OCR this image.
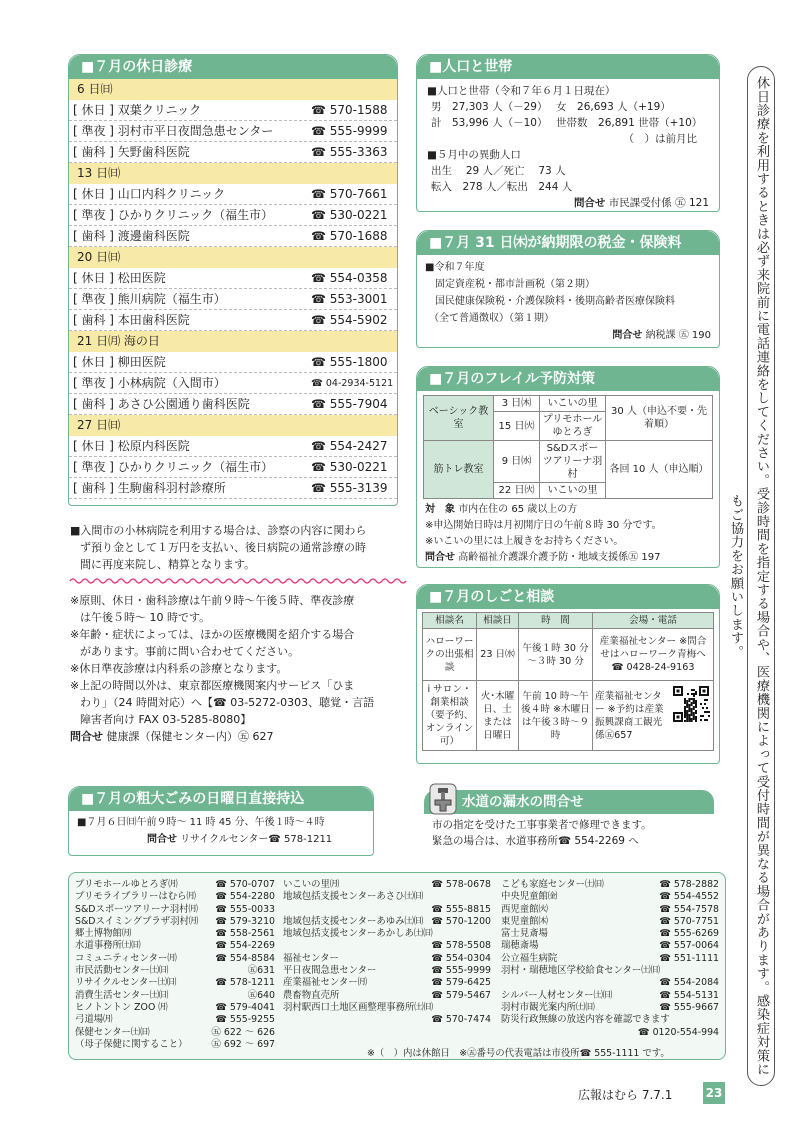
■７月の休日診療
6 日㈰
[ 休日 ] 双葉クリニック	☎ 570-1588
[ 準夜 ] 羽村市平日夜間急患センター	☎ 555-9999
[ 歯科 ] 矢野歯科医院	☎ 555-3363
13 日㈰
[ 休日 ] 山口内科クリニック	☎ 570-7661
[ 準夜 ] ひかりクリニック（福生市）	☎ 530-0221
[ 歯科 ] 渡邊歯科医院	☎ 570-1688
20 日㈰
[ 休日 ] 松田医院	☎ 554-0358
[ 準夜 ] 熊川病院（福生市）	☎ 553-3001
[ 歯科 ] 本田歯科医院	☎ 554-5902
21 日㈪ 海の日
[ 休日 ] 柳田医院	☎ 555-1800
[ 準夜 ] 小林病院（入間市）	☎ 04-2934-5121
[ 歯科 ] あさひ公園通り歯科医院	☎ 555-7904
27 日㈰
[ 休日 ] 松原内科医院	☎ 554-2427
[ 準夜 ] ひかりクリニック（福生市）	☎ 530-0221
[ 歯科 ] 生駒歯科羽村診療所	☎ 555-3139
■入間市の小林病院を利用する場合は、診察の内容に関わら
ず預り金として１万円を支払い、後日病院の通常診療の時
間に再度来院し、精算となります。
※原則、休日・歯科診療は午前９時～午後５時、準夜診療
は午後５時～ 10 時です。
※年齢・症状によっては、ほかの医療機関を紹介する場合
があります。事前に問い合わせてください。
※休日準夜診療は内科系の診療となります。
※上記の時間以外は、東京都医療機関案内サービス「ひま
わり」（24 時間対応）へ【☎ 03-5272-0303、聴覚・言語
障害者向け FAX 03-5285-8080】
問合せ 健康課（保健センター内）㊄ 627
■人口と世帯
■人口と世帯（令和７年６月１日現在）
男　27,303 人（－29）　 女　26,693 人（+19）
計　53,996 人（－10）　 世帯数　26,891 世帯（+10）
（　）は前月比
■５月中の異動人口
出生　 29 人／死亡　 73 人
転入　278 人／転出　244 人
問合せ 市民課受付係 ㊄ 121
■７月 31 日㈭が納期限の税金・保険料
■令和７年度
固定資産税・都市計画税（第２期）
国民健康保険税・介護保険料・後期高齢者医療保険料
（全て普通徴収）（第１期）
問合せ 納税課 ㊄ 190
■７月のフレイル予防対策
ベーシック教室	3 日㈭	いこいの里	30 人（申込不要・先着順）
	15 日㈫	プリモホールゆとろぎ	
筋トレ教室	9 日㈬	S&Dスポーツアリーナ羽村	各回 10 人（申込順）
	22 日㈫	いこいの里	
対　象 市内在住の 65 歳以上の方
※申込開始日時は月初開庁日の午前８時 30 分です。
※いこいの里には上履きをお持ちください。
問合せ 高齢福祉介護課介護予防・地域支援係㊄ 197
■７月のしごと相談
相談名	相談日	時　間	会場・電話
ハローワークの出張相談	23 日㈬	午後１時 30 分～３時 30 分	産業福祉センター ※問合せはハローワーク青梅へ ☎ 0428-24-9163
i サロン・創業相談（要予約、オンライン可）	火･木曜日、土または日曜日	午前 10 時～午後４時 ※木曜日は午後３時～９時	産業福祉センター ※予約は産業振興課商工観光係㊄657
■７月の粗大ごみの日曜日直接持込
■７月６日㈰午前９時～ 11 時 45 分、午後１時～４時
問合せ リサイクルセンター☎ 578-1211
水道の漏水の問合せ
市の指定を受けた工事事業者で修理できます。
緊急の場合は、水道事務所☎ 554-2269 へ
プリモホールゆとろぎ㈪	☎ 570-0707
プリモライブラリーはむら㈪	☎ 554-2280
S&Dスポーツアリーナ羽村㈪	☎ 555-0033
S&Dスイミングプラザ羽村㈪	☎ 579-3210
郷土博物館㈪	☎ 558-2561
水道事務所㈯㈰	☎ 554-2269
コミュニティセンター㈪	☎ 554-8584
市民活動センター㈯㈰	㊄631
リサイクルセンター㈯㈰	☎ 578-1211
消費生活センター㈯㈰	㊄640
ヒノトントン ZOO ㈪	☎ 579-4041
弓道場㈪	☎ 555-9255
保健センター㈯㈰	㊄ 622 ～ 626
（母子保健に関すること）	㊄ 692 ～ 697
いこいの里㈪	☎ 578-0678
地域包括支援センターあさひ㈯㈰
☎ 555-8815
地域包括支援センターあゆみ㈯㈰ ☎ 570-1200
地域包括支援センターあかしあ㈯㈰
☎ 578-5508
福祉センター	☎ 554-0304
平日夜間急患センター	☎ 555-9999
産業福祉センター㈪	☎ 579-6425
農畜物直売所	☎ 579-5467
羽村駅西口土地区画整理事務所㈯㈰
☎ 570-7474
こども家庭センター㈯㈰	☎ 578-2882
中央児童館㈮	☎ 554-4552
西児童館㈫	☎ 554-7578
東児童館㈭	☎ 570-7751
富士見斎場	☎ 555-6269
瑞穂斎場	☎ 557-0064
公立福生病院	☎ 551-1111
羽村・瑞穂地区学校給食センター㈯㈰
☎ 554-2084
シルバー人材センター㈯㈰	☎ 554-5131
羽村市観光案内所㈯㈰	☎ 555-9667
防災行政無線の放送内容を確認できます
☎ 0120-554-994
※（　）内は休館日　※㊄番号の代表電話は市役所☎ 555-1111 です。	休日診療を利用するときは必ず来院前に電話連絡をしてください。受診時間を指定する場合や、医療機関によって受付時間が異なる場合があります。感染症対策にもご協力をお願いします。
広報はむら 7.7.1	23
